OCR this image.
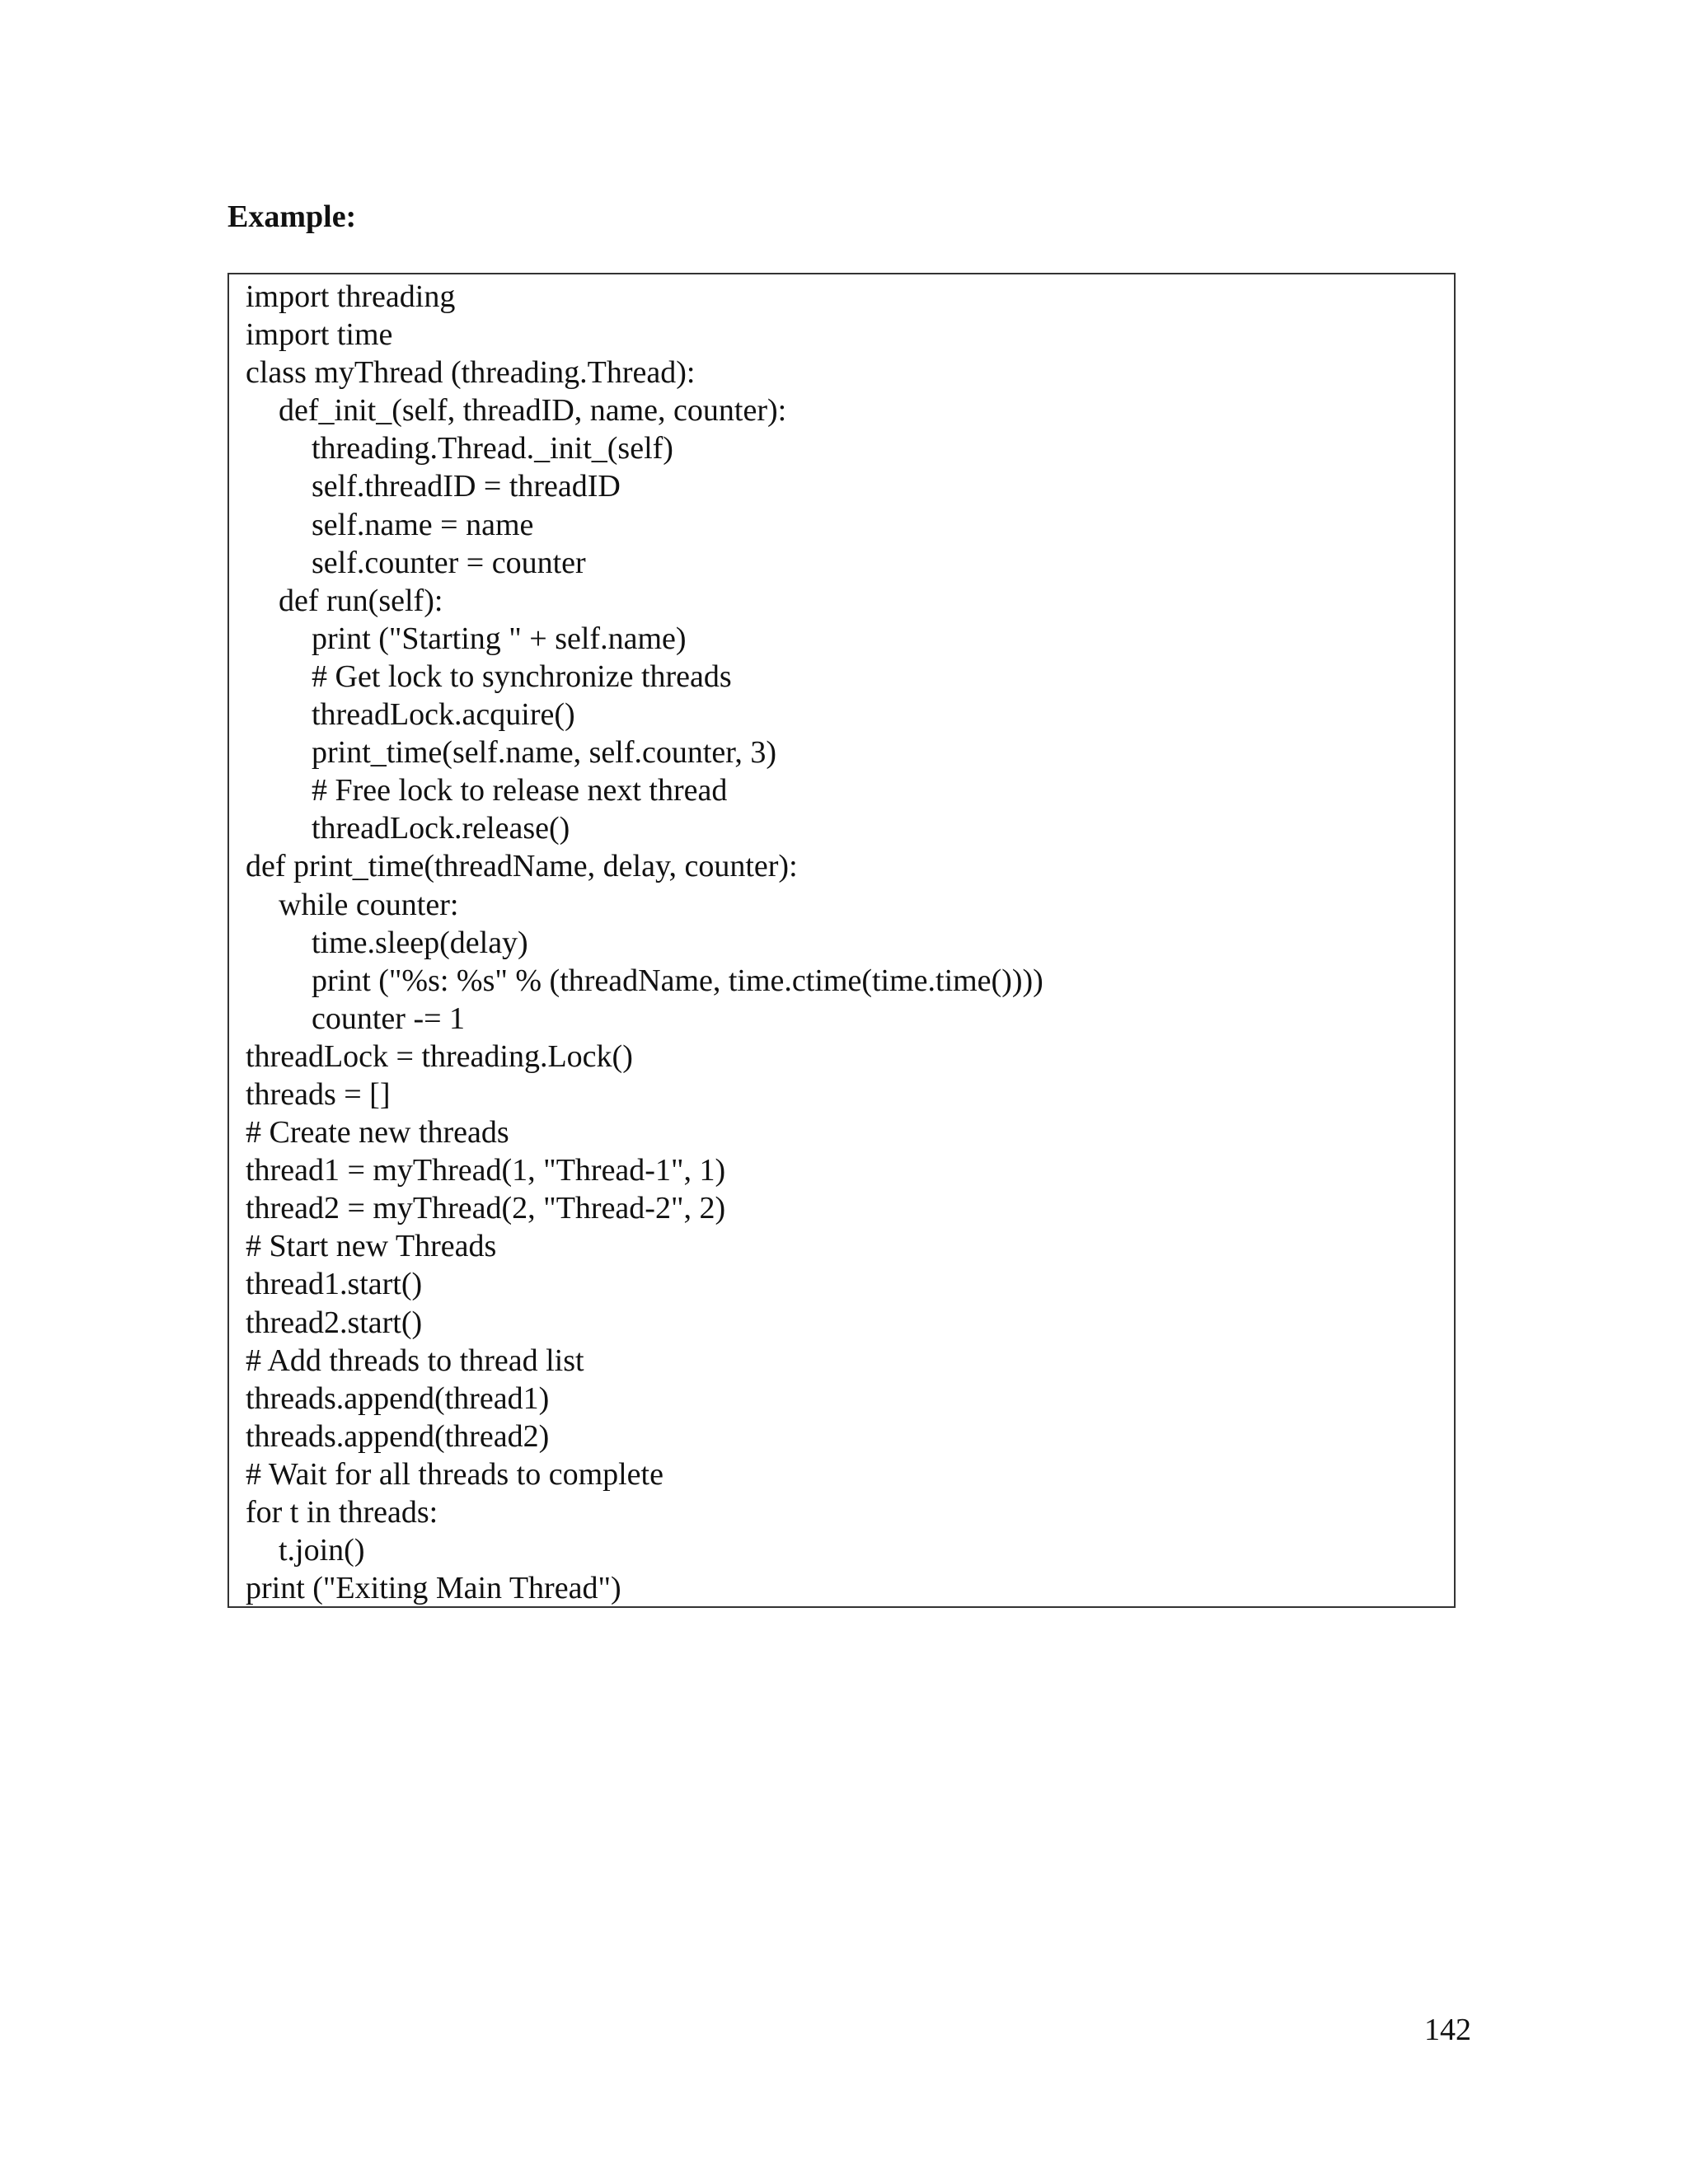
Example:
import threading
import time
class myThread (threading.Thread):
def_init_(self, threadID, name, counter):
threading.Thread._init_(self)
self.threadID = threadID
self.name = name
self.counter = counter
def run(self):
print ("Starting " + self.name)
# Get lock to synchronize threads
threadLock.acquire()
print_time(self.name, self.counter, 3)
# Free lock to release next thread
threadLock.release()
def print_time(threadName, delay, counter):
while counter:
time.sleep(delay)
print ("%s: %s" % (threadName, time.ctime(time.time())))
counter -= 1
threadLock = threading.Lock()
threads = []
# Create new threads
thread1 = myThread(1, "Thread-1", 1)
thread2 = myThread(2, "Thread-2", 2)
# Start new Threads
thread1.start()
thread2.start()
# Add threads to thread list
threads.append(thread1)
threads.append(thread2)
# Wait for all threads to complete
for t in threads:
t.join()
print ("Exiting Main Thread")
142
